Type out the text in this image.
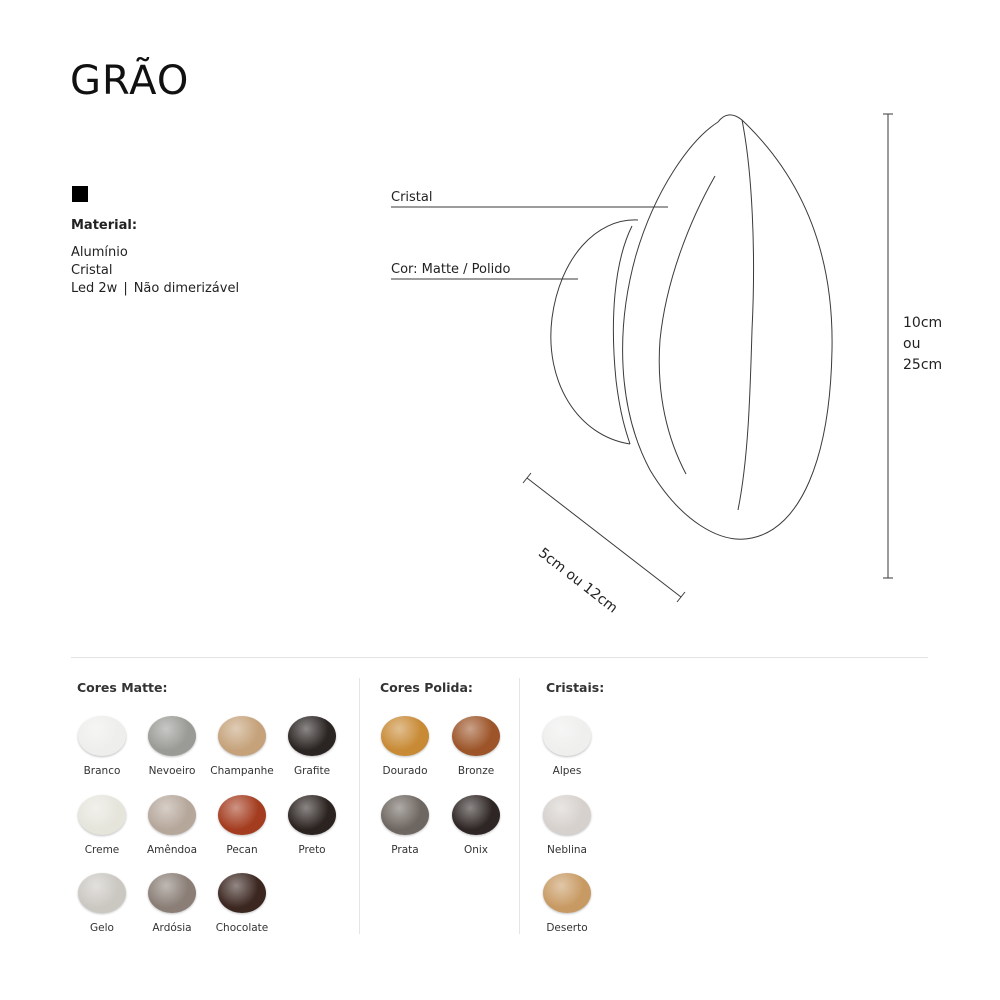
GRÃO
Material:
Alumínio
Cristal
Led 2w | Não dimerizável
Cristal
Cor: Matte / Polido
10cm
ou
25cm
5cm ou 12cm
Cores Matte:	Cores Polida:	Cristais:
Branco	Nevoeiro	Champanhe	Grafite
Creme	Amêndoa	Pecan	Preto
Gelo	Ardósia	Chocolate
Dourado	Bronze
Prata	Onix
Alpes
Neblina
Deserto
